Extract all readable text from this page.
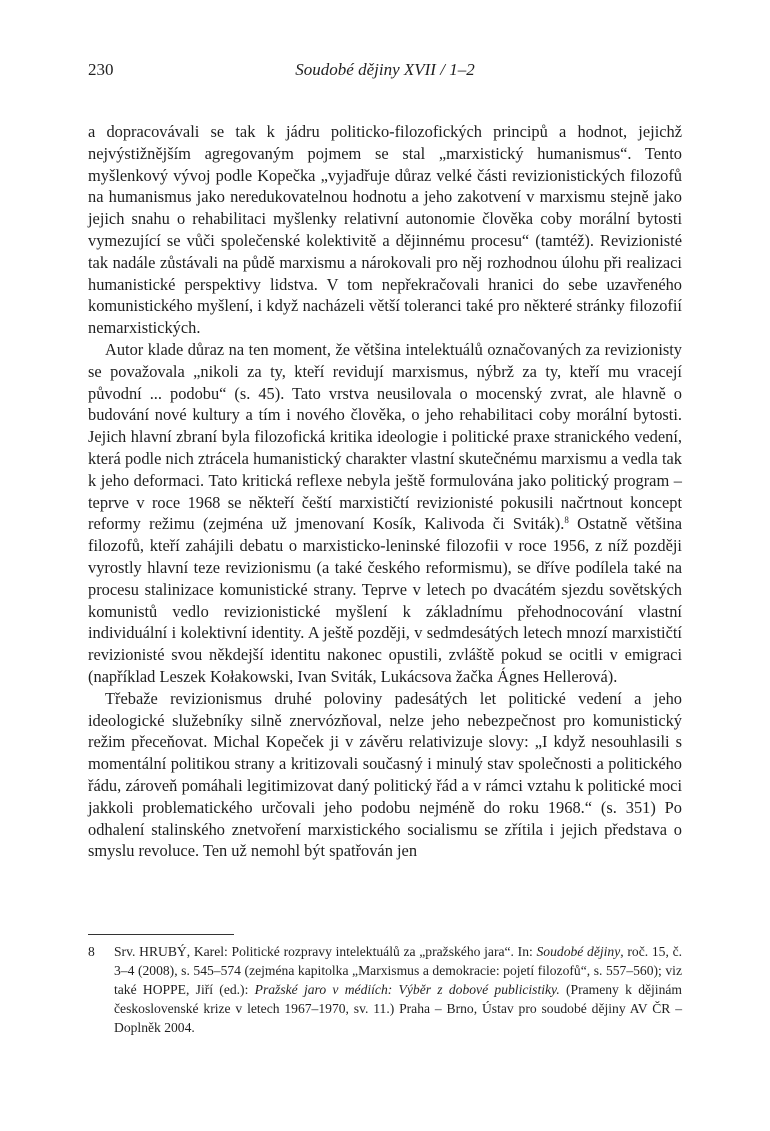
230	Soudobé dějiny XVII / 1–2

a dopracovávali se tak k jádru politicko-filozofických principů a hodnot, jejichž nejvýstižnějším agregovaným pojmem se stal „marxistický humanismus“. Tento myšlenkový vývoj podle Kopečka „vyjadřuje důraz velké části revizionistických filozofů na humanismus jako neredukovatelnou hodnotu a jeho zakotvení v marxismu stejně jako jejich snahu o rehabilitaci myšlenky relativní autonomie člověka coby morální bytosti vymezující se vůči společenské kolektivitě a dějinnému procesu“ (tamtéž). Revizionisté tak nadále zůstávali na půdě marxismu a nárokovali pro něj rozhodnou úlohu při realizaci humanistické perspektivy lidstva. V tom nepřekračovali hranici do sebe uzavřeného komunistického myšlení, i když nacházeli větší toleranci také pro některé stránky filozofií nemarxistických.

Autor klade důraz na ten moment, že většina intelektuálů označovaných za revizionisty se považovala „nikoli za ty, kteří revidují marxismus, nýbrž za ty, kteří mu vracejí původní ... podobu“ (s. 45). Tato vrstva neusilovala o mocenský zvrat, ale hlavně o budování nové kultury a tím i nového člověka, o jeho rehabilitaci coby morální bytosti. Jejich hlavní zbraní byla filozofická kritika ideologie i politické praxe stranického vedení, která podle nich ztrácela humanistický charakter vlastní skutečnému marxismu a vedla tak k jeho deformaci. Tato kritická reflexe nebyla ještě formulována jako politický program – teprve v roce 1968 se někteří čeští marxističtí revizionisté pokusili načrtnout koncept reformy režimu (zejména už jmenovaní Kosík, Kalivoda či Sviták).$^8$ Ostatně většina filozofů, kteří zahájili debatu o marxisticko-leninské filozofii v roce 1956, z níž později vyrostly hlavní teze revizionismu (a také českého reformismu), se dříve podílela také na procesu stalinizace komunistické strany. Teprve v letech po dvacátém sjezdu sovětských komunistů vedlo revizionistické myšlení k základnímu přehodnocování vlastní individuální i kolektivní identity. A ještě později, v sedmdesátých letech mnozí marxističtí revizionisté svou někdejší identitu nakonec opustili, zvláště pokud se ocitli v emigraci (například Leszek Kołakowski, Ivan Sviták, Lukácsova žačka Ágnes Hellerová).

Třebaže revizionismus druhé poloviny padesátých let politické vedení a jeho ideologické služebníky silně znervózňoval, nelze jeho nebezpečnost pro komunistický režim přeceňovat. Michal Kopeček ji v závěru relativizuje slovy: „I když nesouhlasili s momentální politikou strany a kritizovali současný i minulý stav společnosti a politického řádu, zároveň pomáhali legitimizovat daný politický řád a v rámci vztahu k politické moci jakkoli problematického určovali jeho podobu nejméně do roku 1968.“ (s. 351) Po odhalení stalinského znetvoření marxistického socialismu se zřítila i jejich představa o smyslu revoluce. Ten už nemohl být spatřován jen

8	Srv. HRUBÝ, Karel: Politické rozpravy intelektuálů za „pražského jara“. In: Soudobé dějiny, roč. 15, č. 3–4 (2008), s. 545–574 (zejména kapitolka „Marxismus a demokracie: pojetí filozofů“, s. 557–560); viz také HOPPE, Jiří (ed.): Pražské jaro v médiích: Výběr z dobové publicistiky. (Prameny k dějinám československé krize v letech 1967–1970, sv. 11.) Praha – Brno, Ústav pro soudobé dějiny AV ČR – Doplněk 2004.
